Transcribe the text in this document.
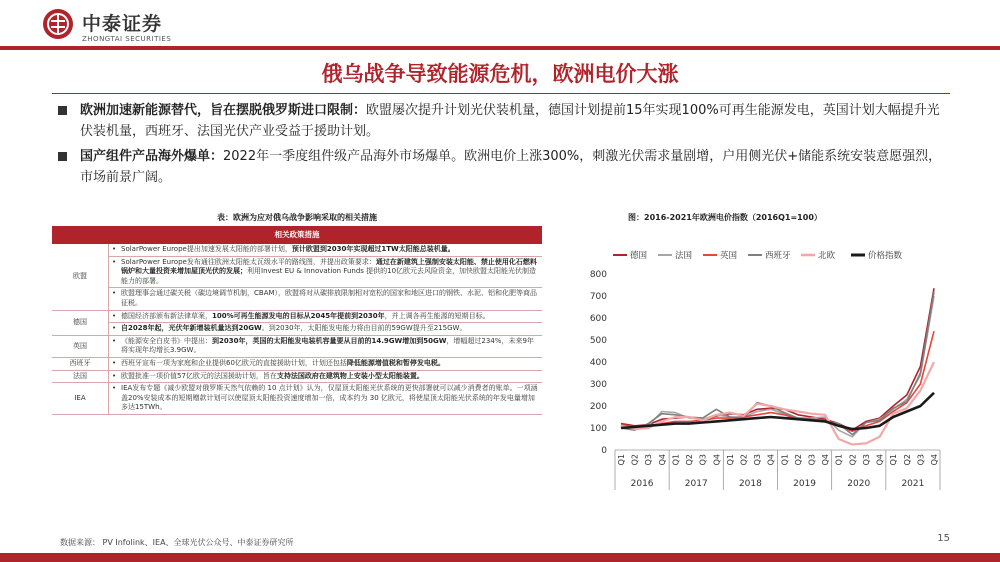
中泰证券
ZHONGTAI SECURITIES
俄乌战争导致能源危机，欧洲电价大涨
欧洲加速新能源替代，旨在摆脱俄罗斯进口限制：欧盟屡次提升计划光伏装机量，德国计划提前15年实现100%可再生能源发电，英国计划大幅提升光伏装机量，西班牙、法国光伏产业受益于援助计划。
国产组件产品海外爆单：2022年一季度组件级产品海外市场爆单。欧洲电价上涨300%，刺激光伏需求量剧增，户用侧光伏+储能系统安装意愿强烈，市场前景广阔。
表：欧洲为应对俄乌战争影响采取的相关措施
相关政策措施	
欧盟	• SolarPower Europe提出加速发展太阳能的部署计划，预计欧盟到2030年实现超过1TW太阳能总装机量。
	• SolarPower Europe发布通往欧洲太阳能太瓦级水平的路线图，并提出政策要求：通过在新建筑上强制安装太阳能、禁止使用化石燃料锅炉和大量投资来增加屋顶光伏的发展；利用Invest EU & Innovation Funds 提供的10亿欧元去风险资金，加快欧盟太阳能光伏制造能力的部署。
	• 欧盟理事会通过碳关税（碳边境调节机制，CBAM），欧盟将对从碳排放限制相对宽松的国家和地区进口的钢铁、水泥、铝和化肥等商品征税。
德国	• 德国经济部颁布新法律草案，100%可再生能源发电的目标从2045年提前到2030年，并上调各再生能源的短期目标。
	• 自2028年起，光伏年新增装机量达到20GW。到2030年，太阳能发电能力将由目前的59GW提升至215GW。
英国	• 《能源安全白皮书》中提出：到2030年，英国的太阳能发电装机容量要从目前的14.9GW增加到50GW，增幅超过234%，未来9年将实现年均增长3.9GW。
西班牙	• 西班牙宣布一项为家庭和企业提供60亿欧元的直接援助计划，计划还包括降低能源增值税和暂停发电税。
法国	• 欧盟批准一项价值57亿欧元的法国援助计划，旨在支持法国政府在建筑物上安装小型太阳能装置。
IEA	• IEA发布专题《减少欧盟对俄罗斯天然气依赖的 10 点计划》认为，仅屋顶太阳能光伏系统的更快部署就可以减少消费者的账单。一项涵盖20%安装成本的短期赠款计划可以使屋顶太阳能投资速度增加一倍，成本约为 30 亿欧元，将使屋顶太阳能光伏系统的年发电量增加多达15TWh。
图：2016-2021年欧洲电价指数（2016Q1=100）
德国	法国	英国	西班牙	北欧	价格指数
0
100
200
300
400
500
600
700
800
Q1 Q2 Q3 Q4 Q1 Q2 Q3 Q4 Q1 Q2 Q3 Q4 Q1 Q2 Q3 Q4 Q1 Q2 Q3 Q4 Q1 Q2 Q3 Q4
2016	2017	2018	2019	2020	2021
数据来源： PV Infolink、IEA、全球光伏公众号、中泰证券研究所	15
